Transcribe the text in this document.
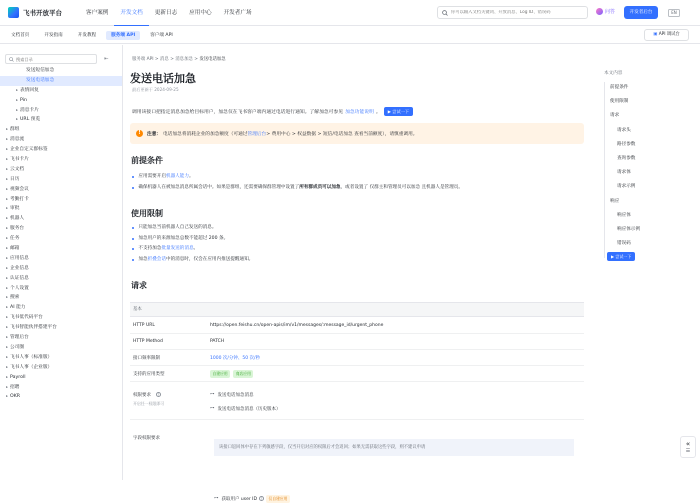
飞书开放平台	客户案例	开发文档	更新日志	应用中心	开发者广场
你可以输入文档关键词、开放消息、Log ID、错误码	问答	开发者后台	EN
文档首页	开发指南	开发教程	服务端 API	客户端 API	▣ API 调试台
搜索目录
⇤
发送短信加急
发送电话加急
▸ 表情回复
▸ Pin
▸ 消息卡片
▸ URL 预览
▸ 群组
▸ 消息流
▸ 企业自定义群标签
▸ 飞书卡片
▸ 云文档
▸ 日历
▸ 视频会议
▸ 考勤打卡
▸ 审批
▸ 机器人
▸ 服务台
▸ 任务
▸ 邮箱
▸ 应用信息
▸ 企业信息
▸ 认证信息
▸ 个人设置
▸ 搜索
▸ AI 能力
▸ 飞书低代码平台
▸ 飞书智能伙伴搭建平台
▸ 管理后台
▸ 公司圈
▸ 飞书人事（标准版）
▸ 飞书人事（企业版）
▸ Payroll
▸ 招聘
▸ OKR
服务端 API > 消息 > 消息加急 > 发送电话加急
发送电话加急
最后更新于 2024-09-25
调用该接口把指定消息加急给目标用户，加急仅在飞书客户端内通过电话进行通知。了解加急可参见 加急功能说明 。	▶ 尝试一下
!	注意： 电话加急将消耗企业的加急额度（可通过 管理后台 > 费用中心 > 权益数据 > 短信/电话加急 查看当前额度），请慎重调用。
前提条件
应用需要开启 机器人能力 。
确保机器人在被加急消息所属会话中。如果是群组，还需要确保群管理中设置了 所有群成员可以加急 ，或者设置了 仅群主和管理员可以加急 且机器人是管理员。
使用限制
只能加急当前机器人自己发送的消息。
加急用户的来源加急总数不能超过 200 条。
不支持加急 批量发送的消息 。
加急 折叠会话 中的消息时，仅会在应用内推送提醒通知。
请求
基本
HTTP URL	https://open.feishu.cn/open-apis/im/v1/messages/:message_id/urgent_phone
HTTP Method	PATCH
接口频率限制	1000 次/分钟、50 次/秒
支持的应用类型	自建应用 商店应用
权限要求	?
开启任一权限即可
⊶ 发送电话加急消息
⊶ 发送电话加急消息（历史版本）
字段权限要求
该接口返回体中存在下列敏感字段，仅当开启对应的权限后才会返回；如果无需获取这些字段，则不建议申请
⊶ 获取用户 user ID	?	仅自建应用
本文内容
前提条件
使用限制
请求
请求头
路径参数
查询参数
请求体
请求示例
响应
响应体
响应体示例
错误码
▶ 尝试一下
«
☰
